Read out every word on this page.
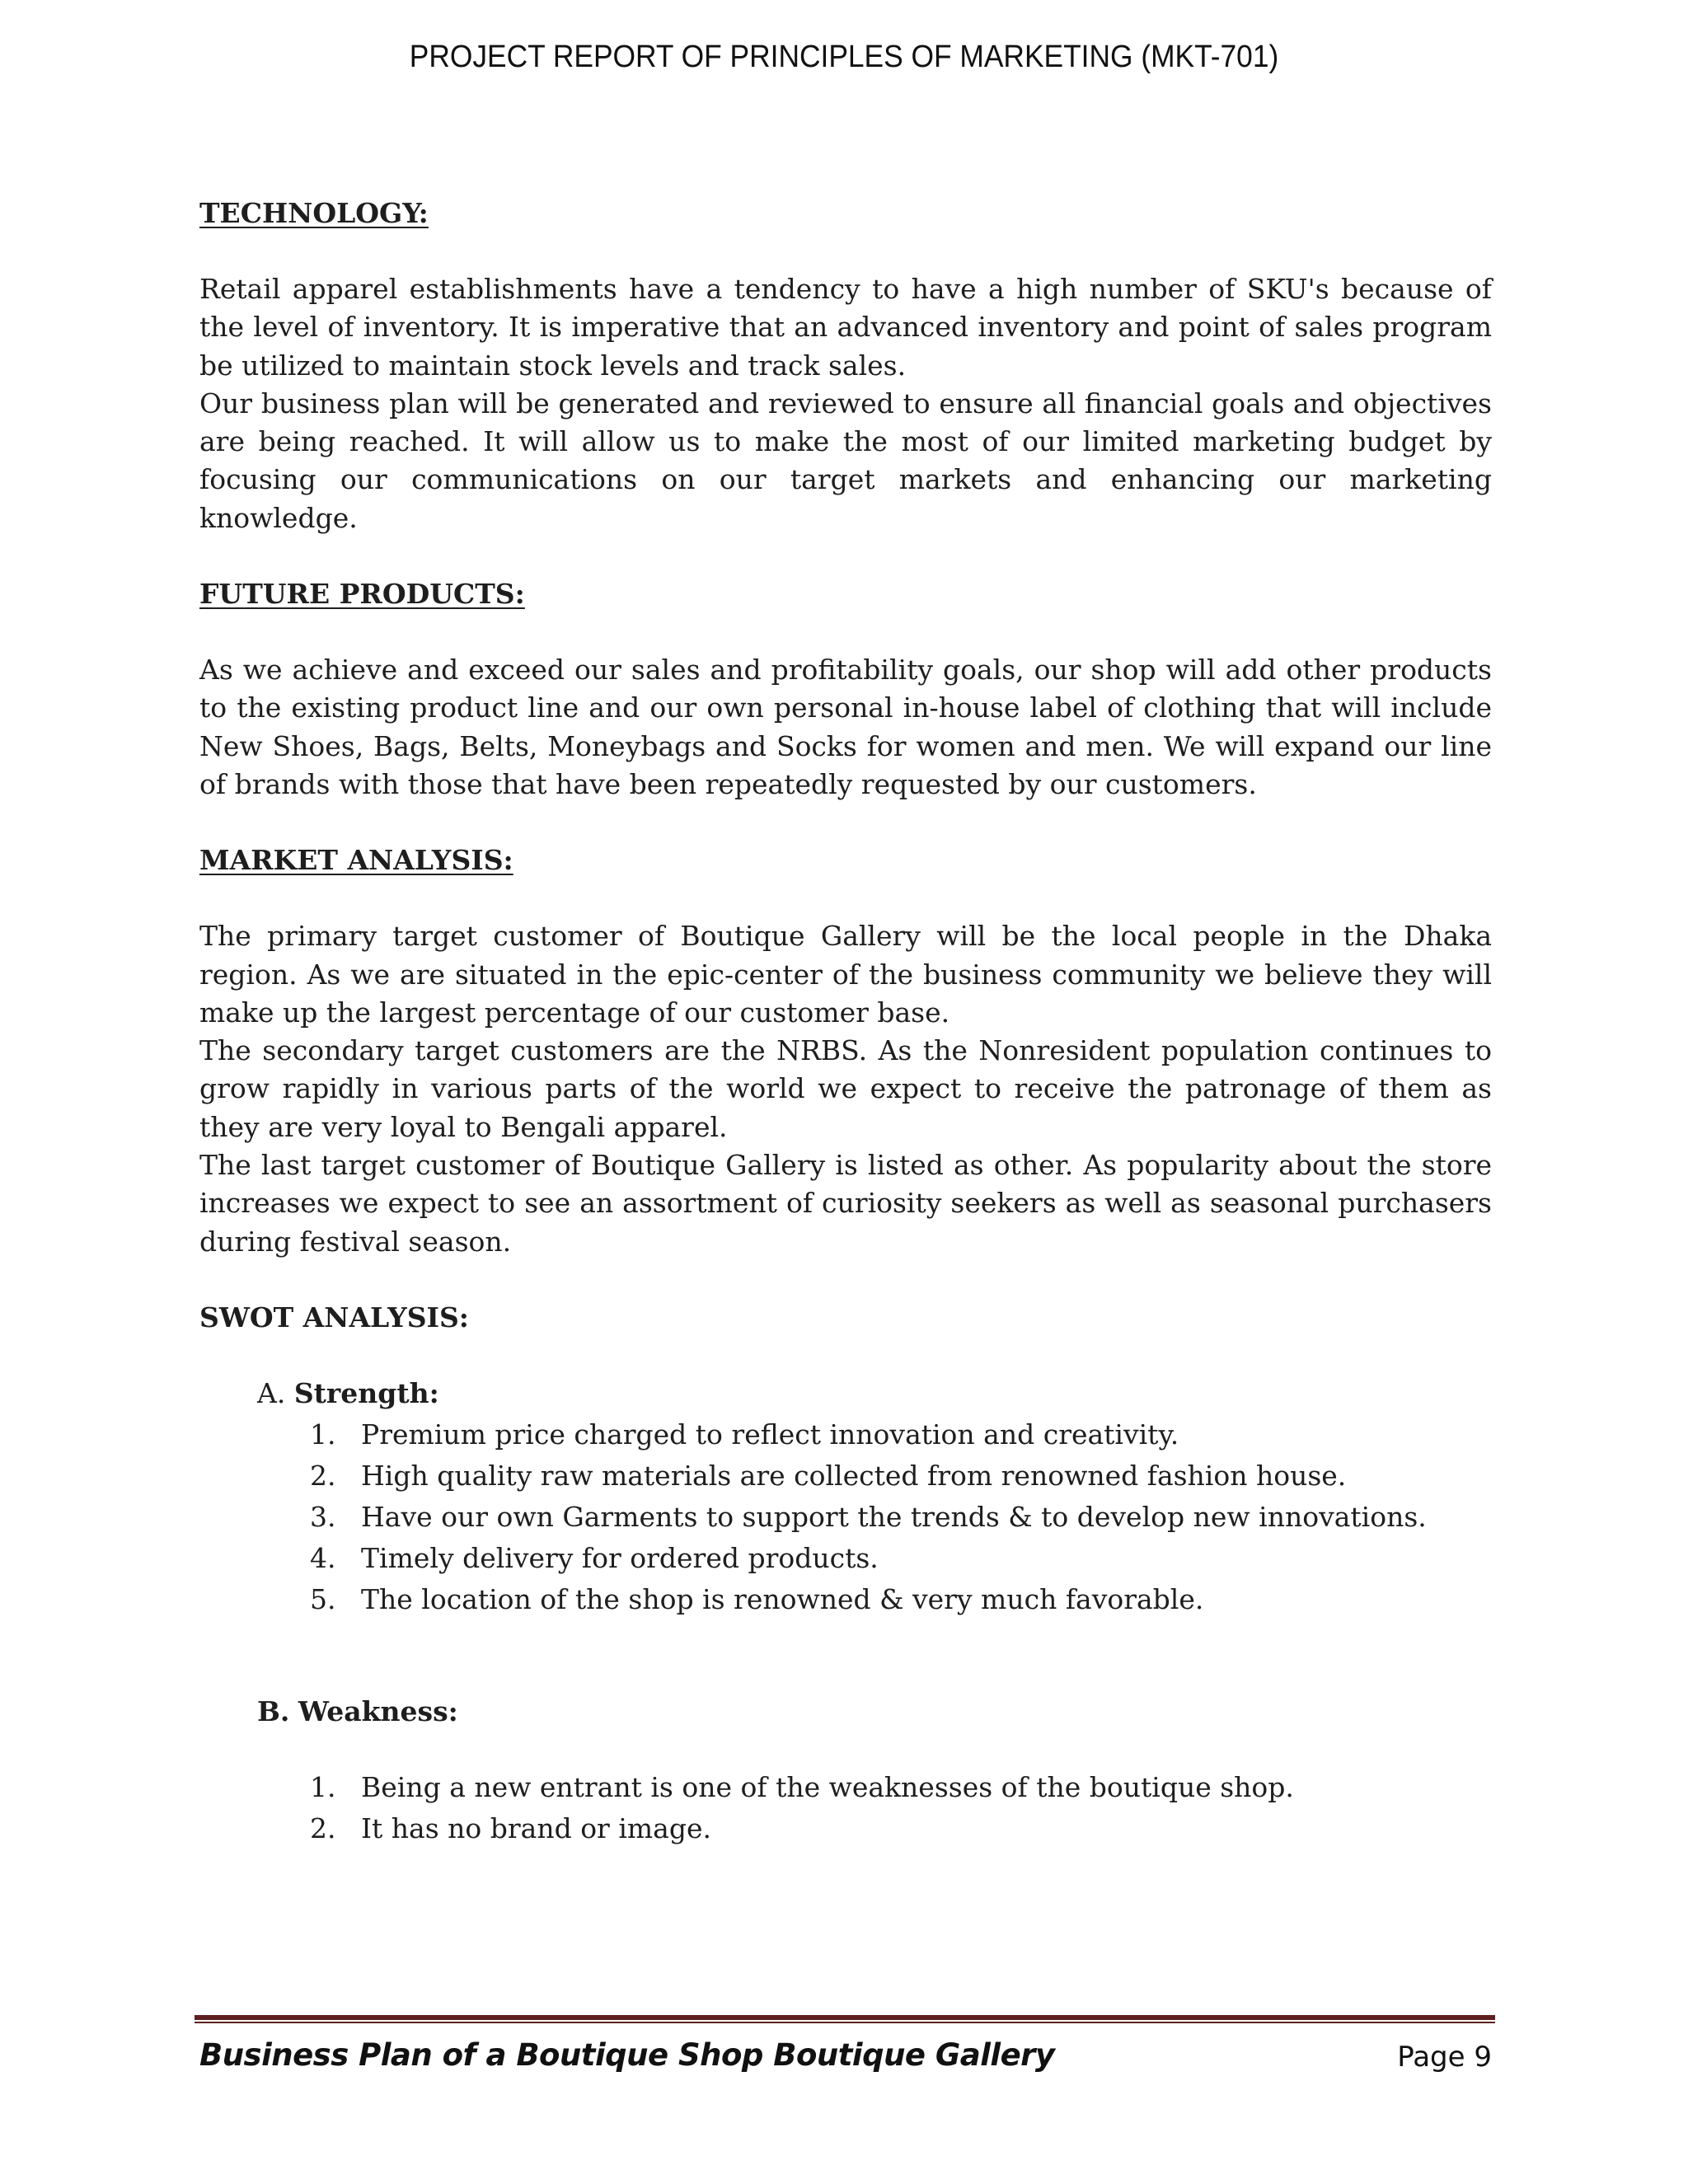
PROJECT REPORT OF PRINCIPLES OF MARKETING (MKT-701)
TECHNOLOGY:
Retail apparel establishments have a tendency to have a high number of SKU's because of the level of inventory. It is imperative that an advanced inventory and point of sales program be utilized to maintain stock levels and track sales.
Our business plan will be generated and reviewed to ensure all financial goals and objectives are being reached. It will allow us to make the most of our limited marketing budget by focusing our communications on our target markets and enhancing our marketing knowledge.
FUTURE PRODUCTS:
As we achieve and exceed our sales and profitability goals, our shop will add other products to the existing product line and our own personal in-house label of clothing that will include New Shoes, Bags, Belts, Moneybags and Socks for women and men. We will expand our line of brands with those that have been repeatedly requested by our customers.
MARKET ANALYSIS:
The primary target customer of Boutique Gallery will be the local people in the Dhaka region. As we are situated in the epic-center of the business community we believe they will make up the largest percentage of our customer base.
The secondary target customers are the NRBS. As the Nonresident population continues to grow rapidly in various parts of the world we expect to receive the patronage of them as they are very loyal to Bengali apparel.
The last target customer of Boutique Gallery is listed as other. As popularity about the store increases we expect to see an assortment of curiosity seekers as well as seasonal purchasers during festival season.
SWOT ANALYSIS:
A. Strength:
1. Premium price charged to reflect innovation and creativity.
2. High quality raw materials are collected from renowned fashion house.
3. Have our own Garments to support the trends & to develop new innovations.
4. Timely delivery for ordered products.
5. The location of the shop is renowned & very much favorable.
B. Weakness:
1. Being a new entrant is one of the weaknesses of the boutique shop.
2. It has no brand or image.
Business Plan of a Boutique Shop Boutique Gallery	Page 9
